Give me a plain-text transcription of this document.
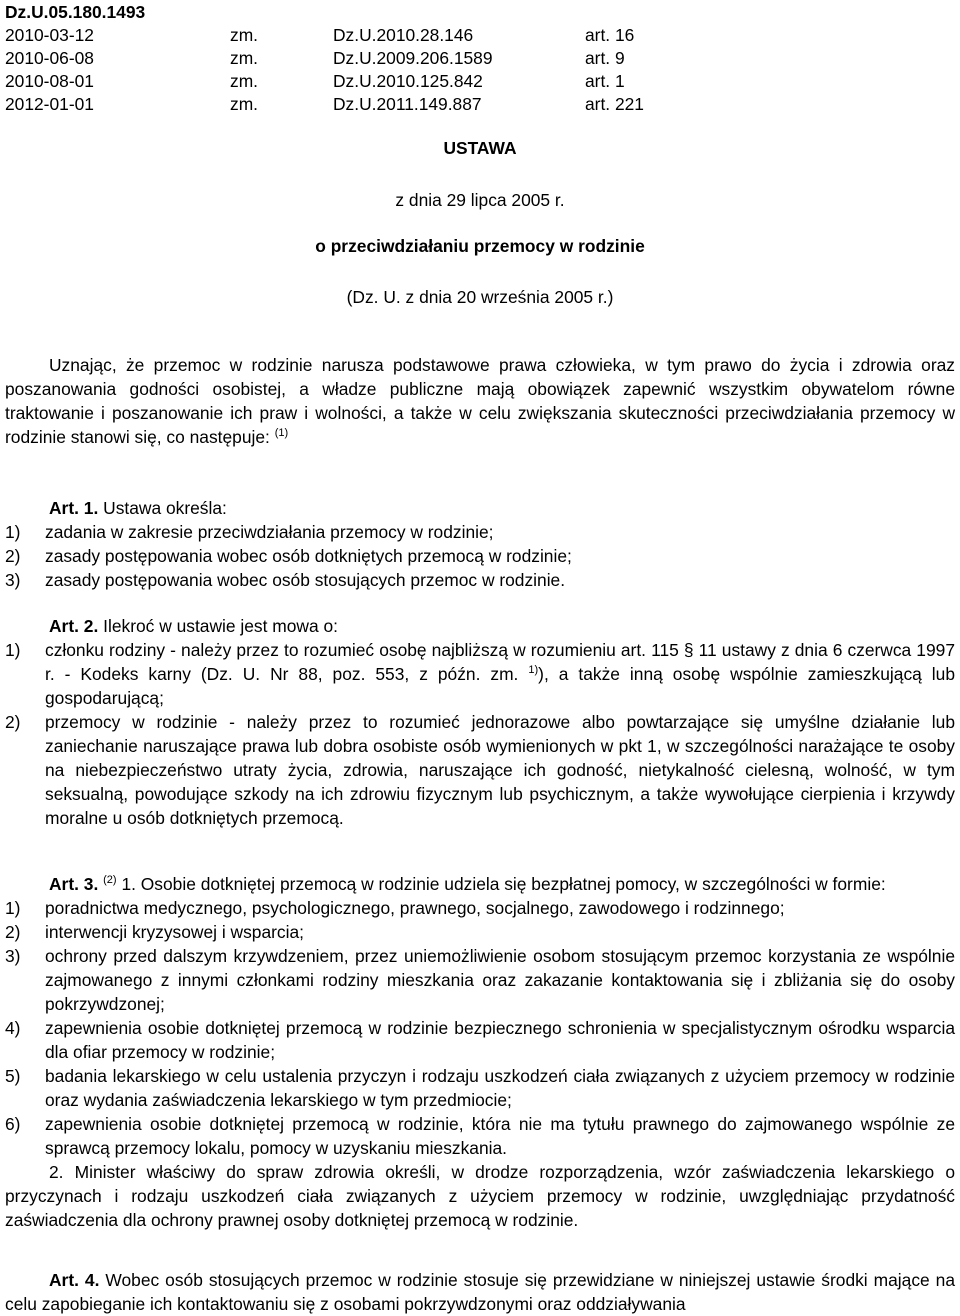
Dz.U.05.180.1493
2010-03-12	zm.	Dz.U.2010.28.146	art. 16
2010-06-08	zm.	Dz.U.2009.206.1589	art. 9
2010-08-01	zm.	Dz.U.2010.125.842	art. 1
2012-01-01	zm.	Dz.U.2011.149.887	art. 221
USTAWA
z dnia 29 lipca 2005 r.
o przeciwdziałaniu przemocy w rodzinie
(Dz. U. z dnia 20 września 2005 r.)

Uznając, że przemoc w rodzinie narusza podstawowe prawa człowieka, w tym prawo do życia i zdrowia oraz poszanowania godności osobistej, a władze publiczne mają obowiązek zapewnić wszystkim obywatelom równe traktowanie i poszanowanie ich praw i wolności, a także w celu zwiększania skuteczności przeciwdziałania przemocy w rodzinie stanowi się, co następuje: $^{(1)}$

Art. 1. Ustawa określa:

1) zadania w zakresie przeciwdziałania przemocy w rodzinie;
2) zasady postępowania wobec osób dotkniętych przemocą w rodzinie;
3) zasady postępowania wobec osób stosujących przemoc w rodzinie.

Art. 2. Ilekroć w ustawie jest mowa o:

1) członku rodziny - należy przez to rozumieć osobę najbliższą w rozumieniu art. 115 § 11 ustawy z dnia 6 czerwca 1997 r. - Kodeks karny (Dz. U. Nr 88, poz. 553, z późn. zm. $^{1)}$), a także inną osobę wspólnie zamieszkującą lub gospodarującą;
2) przemocy w rodzinie - należy przez to rozumieć jednorazowe albo powtarzające się umyślne działanie lub zaniechanie naruszające prawa lub dobra osobiste osób wymienionych w pkt 1, w szczególności narażające te osoby na niebezpieczeństwo utraty życia, zdrowia, naruszające ich godność, nietykalność cielesną, wolność, w tym seksualną, powodujące szkody na ich zdrowiu fizycznym lub psychicznym, a także wywołujące cierpienia i krzywdy moralne u osób dotkniętych przemocą.

Art. 3. $^{(2)}$ 1. Osobie dotkniętej przemocą w rodzinie udziela się bezpłatnej pomocy, w szczególności w formie:

1) poradnictwa medycznego, psychologicznego, prawnego, socjalnego, zawodowego i rodzinnego;
2) interwencji kryzysowej i wsparcia;
3) ochrony przed dalszym krzywdzeniem, przez uniemożliwienie osobom stosującym przemoc korzystania ze wspólnie zajmowanego z innymi członkami rodziny mieszkania oraz zakazanie kontaktowania się i zbliżania się do osoby pokrzywdzonej;
4) zapewnienia osobie dotkniętej przemocą w rodzinie bezpiecznego schronienia w specjalistycznym ośrodku wsparcia dla ofiar przemocy w rodzinie;
5) badania lekarskiego w celu ustalenia przyczyn i rodzaju uszkodzeń ciała związanych z użyciem przemocy w rodzinie oraz wydania zaświadczenia lekarskiego w tym przedmiocie;
6) zapewnienia osobie dotkniętej przemocą w rodzinie, która nie ma tytułu prawnego do zajmowanego wspólnie ze sprawcą przemocy lokalu, pomocy w uzyskaniu mieszkania.

2. Minister właściwy do spraw zdrowia określi, w drodze rozporządzenia, wzór zaświadczenia lekarskiego o przyczynach i rodzaju uszkodzeń ciała związanych z użyciem przemocy w rodzinie, uwzględniając przydatność zaświadczenia dla ochrony prawnej osoby dotkniętej przemocą w rodzinie.

Art. 4. Wobec osób stosujących przemoc w rodzinie stosuje się przewidziane w niniejszej ustawie środki mające na celu zapobieganie ich kontaktowaniu się z osobami pokrzywdzonymi oraz oddziaływania
